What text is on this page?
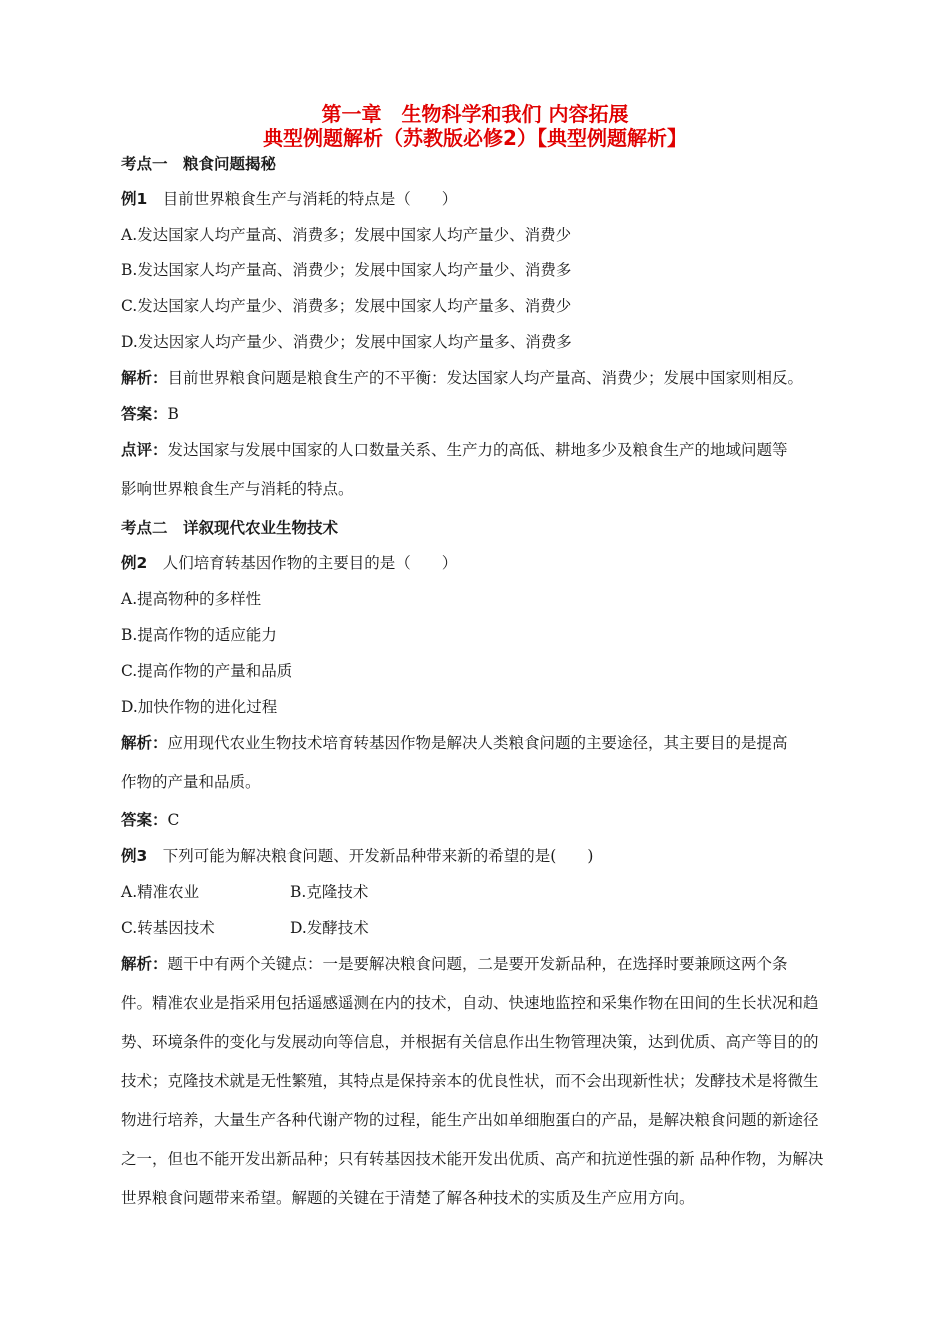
第一章　生物科学和我们 内容拓展
典型例题解析（苏教版必修2）【典型例题解析】
考点一　粮食问题揭秘
例1　目前世界粮食生产与消耗的特点是（　　）
A.发达国家人均产量高、消费多；发展中国家人均产量少、消费少
B.发达国家人均产量高、消费少；发展中国家人均产量少、消费多
C.发达国家人均产量少、消费多；发展中国家人均产量多、消费少
D.发达因家人均产量少、消费少；发展中国家人均产量多、消费多
解析：目前世界粮食问题是粮食生产的不平衡：发达国家人均产量高、消费少；发展中国家则相反。
答案：B
点评：发达国家与发展中国家的人口数量关系、生产力的高低、耕地多少及粮食生产的地域问题等
影响世界粮食生产与消耗的特点。
考点二　详叙现代农业生物技术
例2　人们培育转基因作物的主要目的是（　　）
A.提高物种的多样性
B.提高作物的适应能力
C.提高作物的产量和品质
D.加快作物的进化过程
解析：应用现代农业生物技术培育转基因作物是解决人类粮食问题的主要途径，其主要目的是提高
作物的产量和品质。
答案：C
例3　下列可能为解决粮食问题、开发新品种带来新的希望的是(　　)
A.精准农业	B.克隆技术
C.转基因技术	D.发酵技术
解析：题干中有两个关键点：一是要解决粮食问题，二是要开发新品种，在选择时要兼顾这两个条
件。精准农业是指采用包括遥感遥测在内的技术，自动、快速地监控和采集作物在田间的生长状况和趋
势、环境条件的变化与发展动向等信息，并根据有关信息作出生物管理决策，达到优质、高产等目的的
技术；克隆技术就是无性繁殖，其特点是保持亲本的优良性状，而不会出现新性状；发酵技术是将微生
物进行培养，大量生产各种代谢产物的过程，能生产出如单细胞蛋白的产品，是解决粮食问题的新途径
之一，但也不能开发出新品种；只有转基因技术能开发出优质、高产和抗逆性强的新 品种作物，为解决
世界粮食问题带来希望。解题的关键在于清楚了解各种技术的实质及生产应用方向。
